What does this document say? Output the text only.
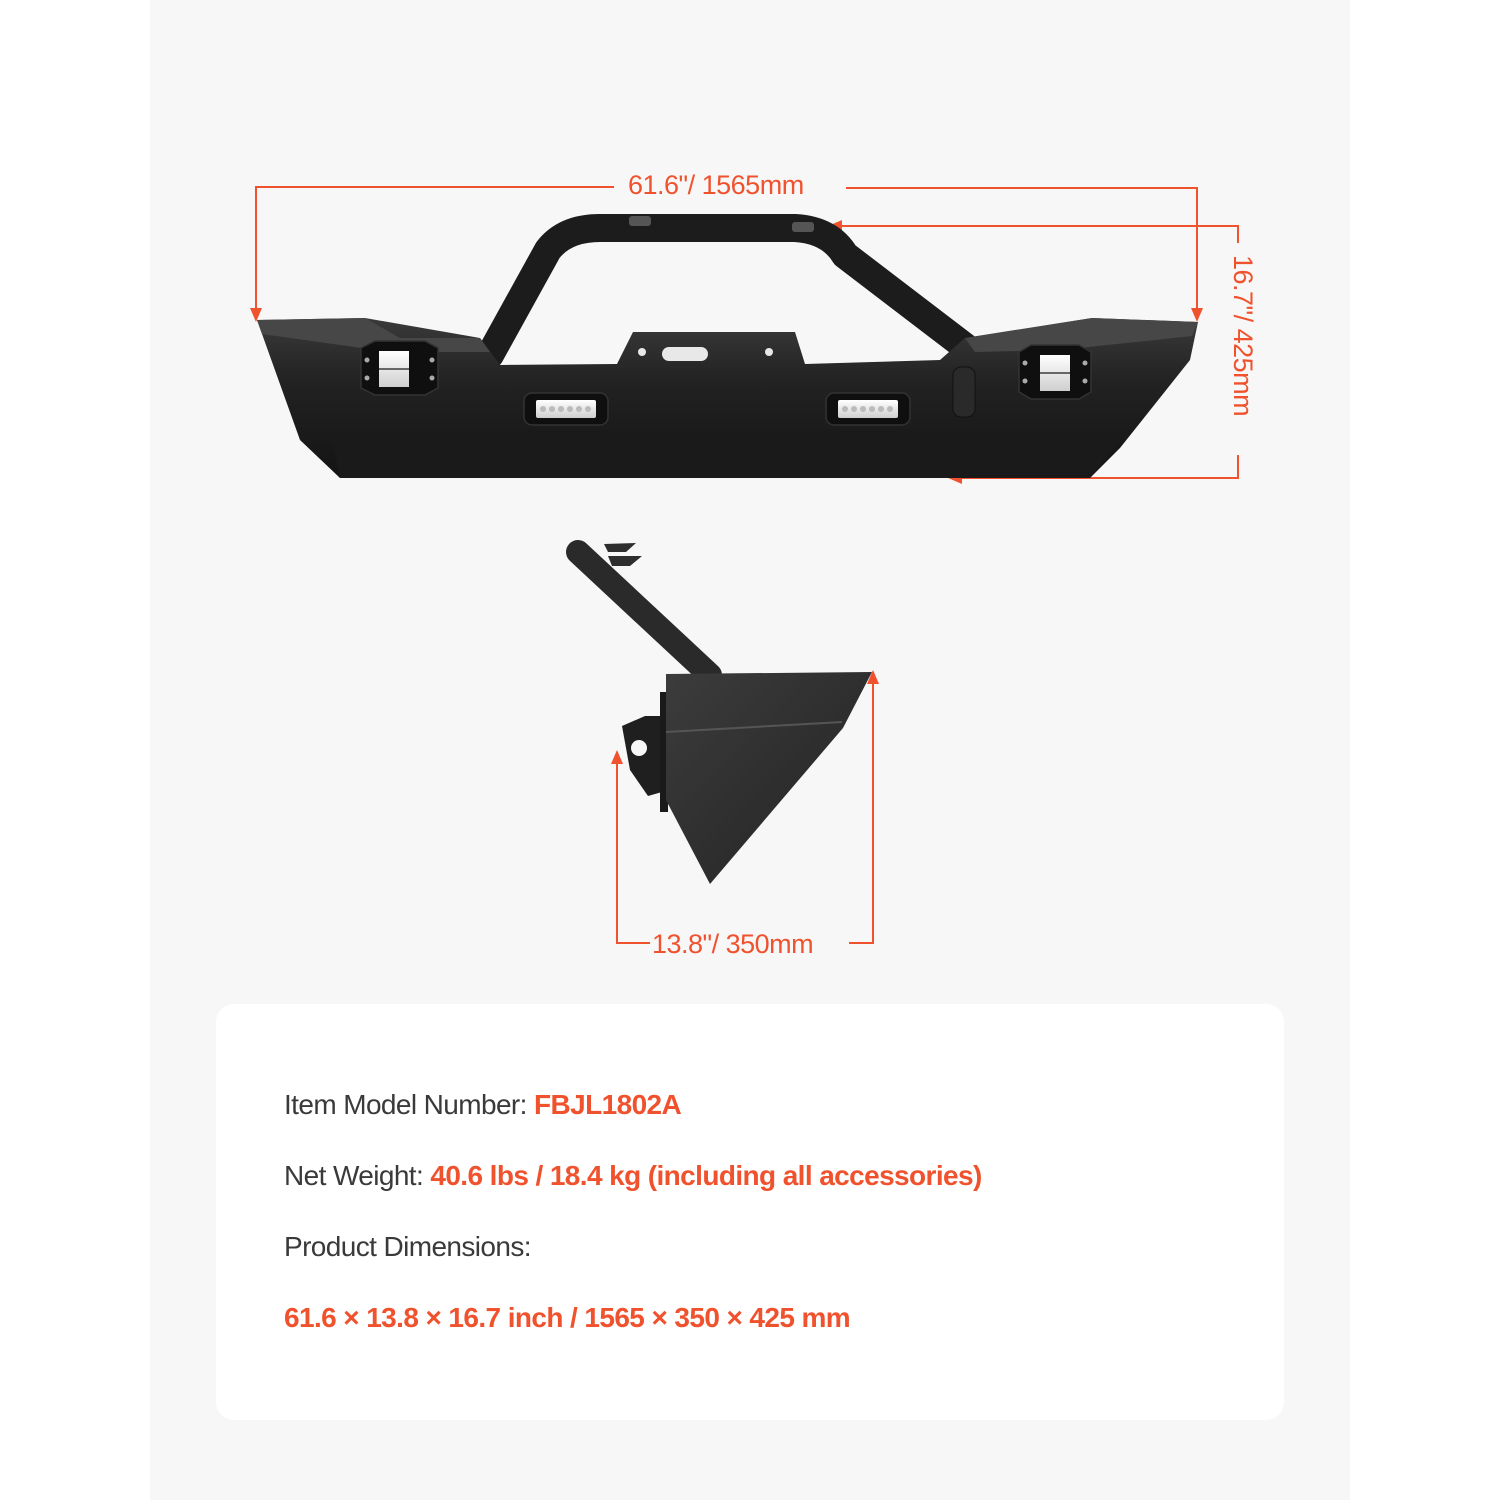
61.6"/ 1565mm
16.7"/ 425mm
13.8"/ 350mm
Item Model Number: FBJL1802A
Net Weight: 40.6 lbs / 18.4 kg (including all accessories)
Product Dimensions:
61.6 × 13.8 × 16.7 inch / 1565 × 350 × 425 mm
